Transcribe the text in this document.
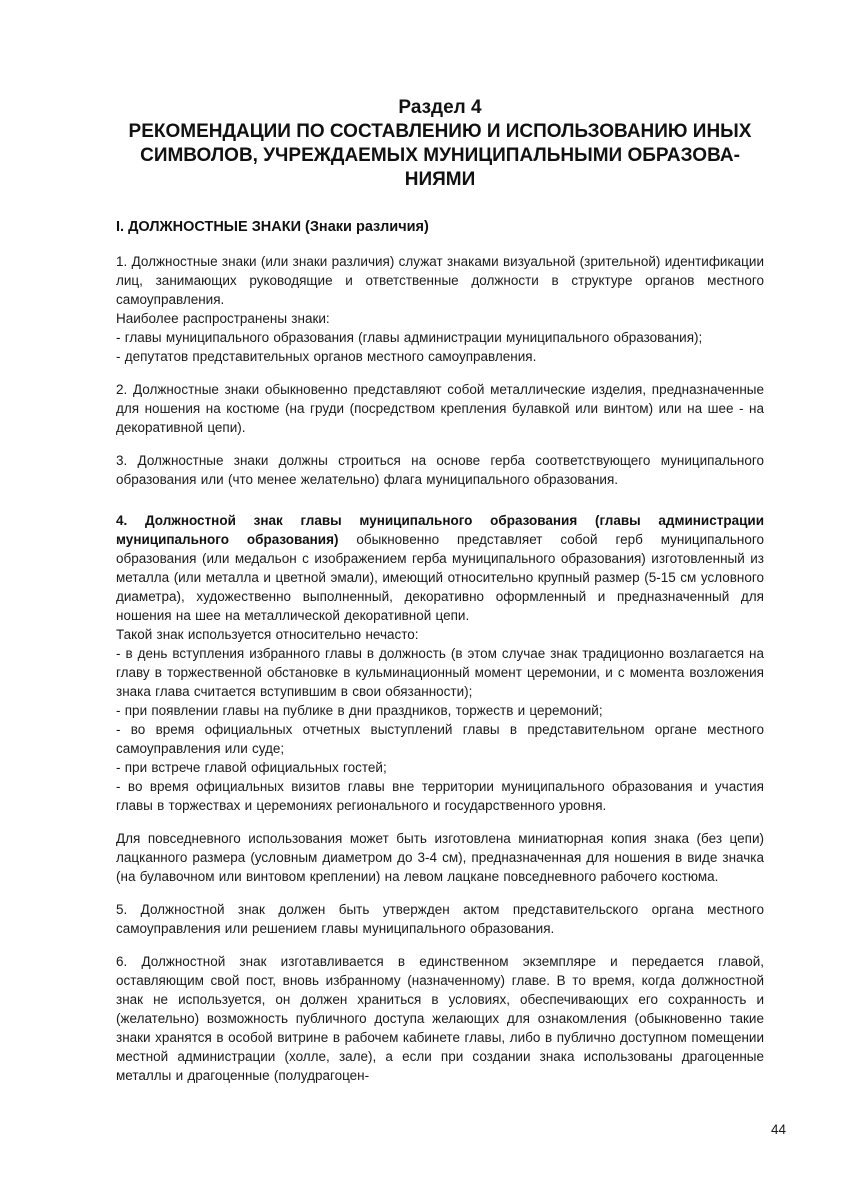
Раздел 4
РЕКОМЕНДАЦИИ ПО СОСТАВЛЕНИЮ И ИСПОЛЬЗОВАНИЮ ИНЫХ
СИМВОЛОВ, УЧРЕЖДАЕМЫХ МУНИЦИПАЛЬНЫМИ ОБРАЗОВА-
НИЯМИ
I. ДОЛЖНОСТНЫЕ ЗНАКИ (Знаки различия)

1. Должностные знаки (или знаки различия) служат знаками визуальной (зрительной) идентификации лиц, занимающих руководящие и ответственные должности в структуре органов местного самоуправления.
Наиболее распространены знаки:
- главы муниципального образования (главы администрации муниципального образования);
- депутатов представительных органов местного самоуправления.

2. Должностные знаки обыкновенно представляют собой металлические изделия, предназначенные для ношения на костюме (на груди (посредством крепления булавкой или винтом) или на шее - на декоративной цепи).

3. Должностные знаки должны строиться на основе герба соответствующего муниципального образования или (что менее желательно) флага муниципального образования.

4. Должностной знак главы муниципального образования (главы администрации муниципального образования) обыкновенно представляет собой герб муниципального образования (или медальон с изображением герба муниципального образования) изготовленный из металла (или металла и цветной эмали), имеющий относительно крупный размер (5-15 см условного диаметра), художественно выполненный, декоративно оформленный и предназначенный для ношения на шее на металлической декоративной цепи.
Такой знак используется относительно нечасто:
- в день вступления избранного главы в должность (в этом случае знак традиционно возлагается на главу в торжественной обстановке в кульминационный момент церемонии, и с момента возложения знака глава считается вступившим в свои обязанности);
- при появлении главы на публике в дни праздников, торжеств и церемоний;
- во время официальных отчетных выступлений главы в представительном органе местного самоуправления или суде;
- при встрече главой официальных гостей;
- во время официальных визитов главы вне территории муниципального образования и участия главы в торжествах и церемониях регионального и государственного уровня.

Для повседневного использования может быть изготовлена миниатюрная копия знака (без цепи) лацканного размера (условным диаметром до 3-4 см), предназначенная для ношения в виде значка (на булавочном или винтовом креплении) на левом лацкане повседневного рабочего костюма.

5. Должностной знак должен быть утвержден актом представительского органа местного самоуправления или решением главы муниципального образования.

6. Должностной знак изготавливается в единственном экземпляре и передается главой, оставляющим свой пост, вновь избранному (назначенному) главе. В то время, когда должностной знак не используется, он должен храниться в условиях, обеспечивающих его сохранность и (желательно) возможность публичного доступа желающих для ознакомления (обыкновенно такие знаки хранятся в особой витрине в рабочем кабинете главы, либо в публично доступном помещении местной администрации (холле, зале), а если при создании знака использованы драгоценные металлы и драгоценные (полудрагоцен-

44
